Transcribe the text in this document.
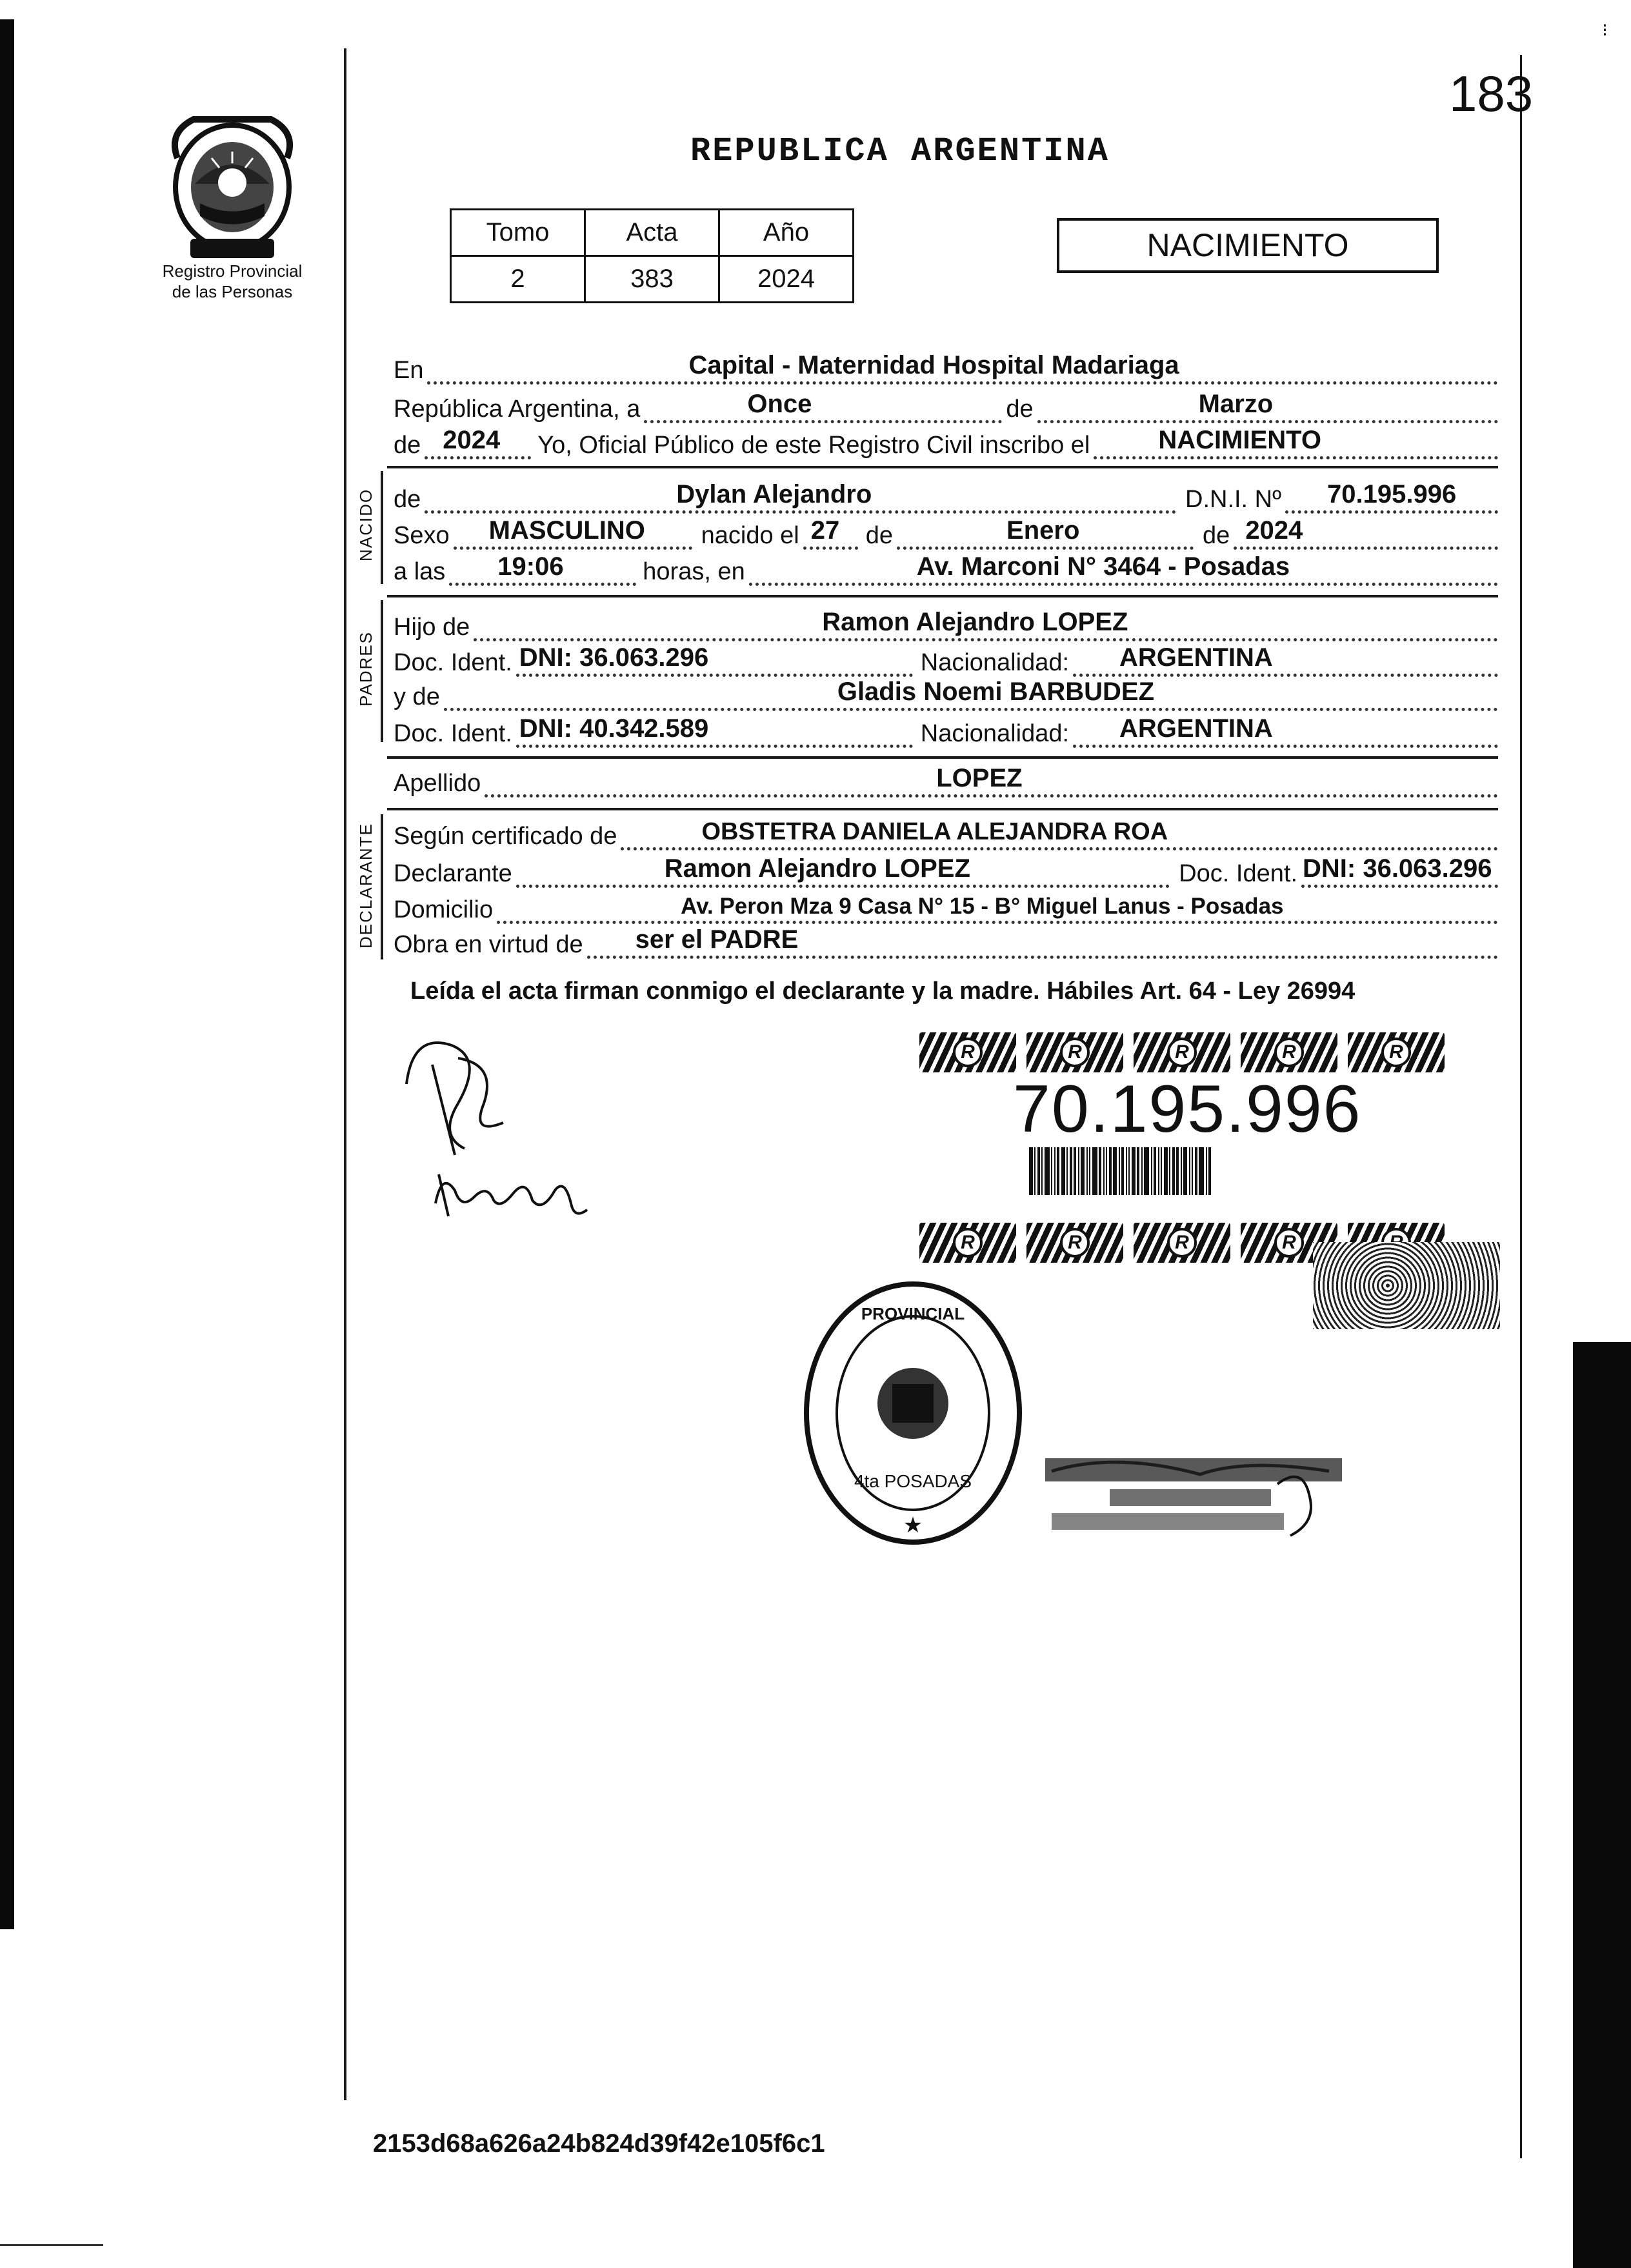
183
⁝
Registro Provincial
de las Personas
REPUBLICA ARGENTINA
Tomo	Acta	Año
2	383	2024
NACIMIENTO
En	Capital - Maternidad Hospital Madariaga
República Argentina, a	Once	de	Marzo
de 2024 Yo, Oficial Público de este Registro Civil inscribo el	NACIMIENTO
NACIDO de	Dylan Alejandro	D.N.I. Nº 70.195.996
Sexo MASCULINO	nacido el 27	de	Enero	de 2024
a las 19:06	horas, en	Av. Marconi N° 3464 - Posadas
PADRES
Hijo de	Ramon Alejandro LOPEZ
Doc. Ident. DNI: 36.063.296	Nacionalidad: ARGENTINA
y de	Gladis Noemi BARBUDEZ
Doc. Ident. DNI: 40.342.589	Nacionalidad: ARGENTINA
Apellido	LOPEZ
DECLARANTE Según certificado de	OBSTETRA DANIELA ALEJANDRA ROA
Declarante	Ramon Alejandro LOPEZ	Doc. Ident. DNI: 36.063.296
Domicilio	Av. Peron Mza 9 Casa N° 15 - B° Miguel Lanus - Posadas
Obra en virtud de ser el PADRE
Leída el acta firman conmigo el declarante y la madre. Hábiles Art. 64 - Ley 26994
R	R	R	R	R
70.195.996
R	R	R	R
PROVINCIAL
4ta POSADAS
★
2153d68a626a24b824d39f42e105f6c1
